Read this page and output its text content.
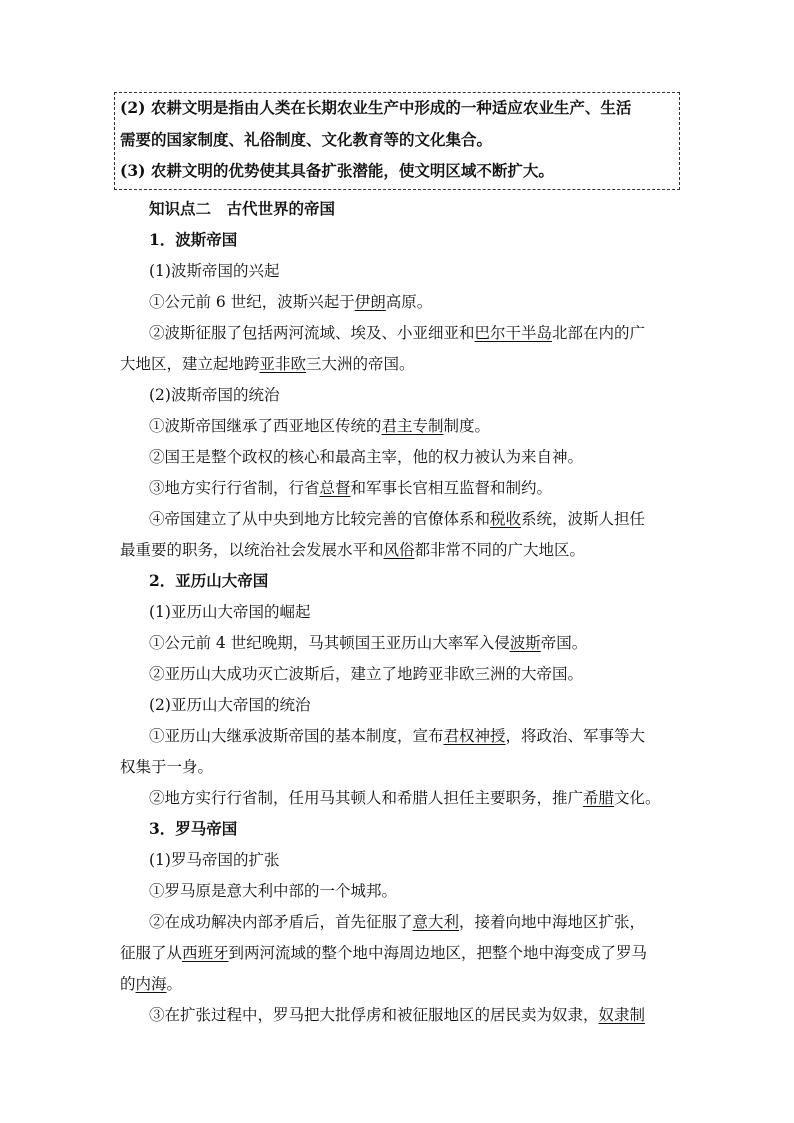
(2) 农耕文明是指由人类在长期农业生产中形成的一种适应农业生产、生活
需要的国家制度、礼俗制度、文化教育等的文化集合。
(3) 农耕文明的优势使其具备扩张潜能，使文明区域不断扩大。
知识点二　古代世界的帝国
1．波斯帝国
(1)波斯帝国的兴起
①公元前 6 世纪，波斯兴起于伊朗高原。
②波斯征服了包括两河流域、埃及、小亚细亚和巴尔干半岛北部在内的广
大地区，建立起地跨亚非欧三大洲的帝国。
(2)波斯帝国的统治
①波斯帝国继承了西亚地区传统的君主专制制度。
②国王是整个政权的核心和最高主宰，他的权力被认为来自神。
③地方实行行省制，行省总督和军事长官相互监督和制约。
④帝国建立了从中央到地方比较完善的官僚体系和税收系统，波斯人担任
最重要的职务，以统治社会发展水平和风俗都非常不同的广大地区。
2．亚历山大帝国
(1)亚历山大帝国的崛起
①公元前 4 世纪晚期，马其顿国王亚历山大率军入侵波斯帝国。
②亚历山大成功灭亡波斯后，建立了地跨亚非欧三洲的大帝国。
(2)亚历山大帝国的统治
①亚历山大继承波斯帝国的基本制度，宣布君权神授，将政治、军事等大
权集于一身。
②地方实行行省制，任用马其顿人和希腊人担任主要职务，推广希腊文化。
3．罗马帝国
(1)罗马帝国的扩张
①罗马原是意大利中部的一个城邦。
②在成功解决内部矛盾后，首先征服了意大利，接着向地中海地区扩张，
征服了从西班牙到两河流域的整个地中海周边地区，把整个地中海变成了罗马
的内海。
③在扩张过程中，罗马把大批俘虏和被征服地区的居民卖为奴隶，奴隶制
